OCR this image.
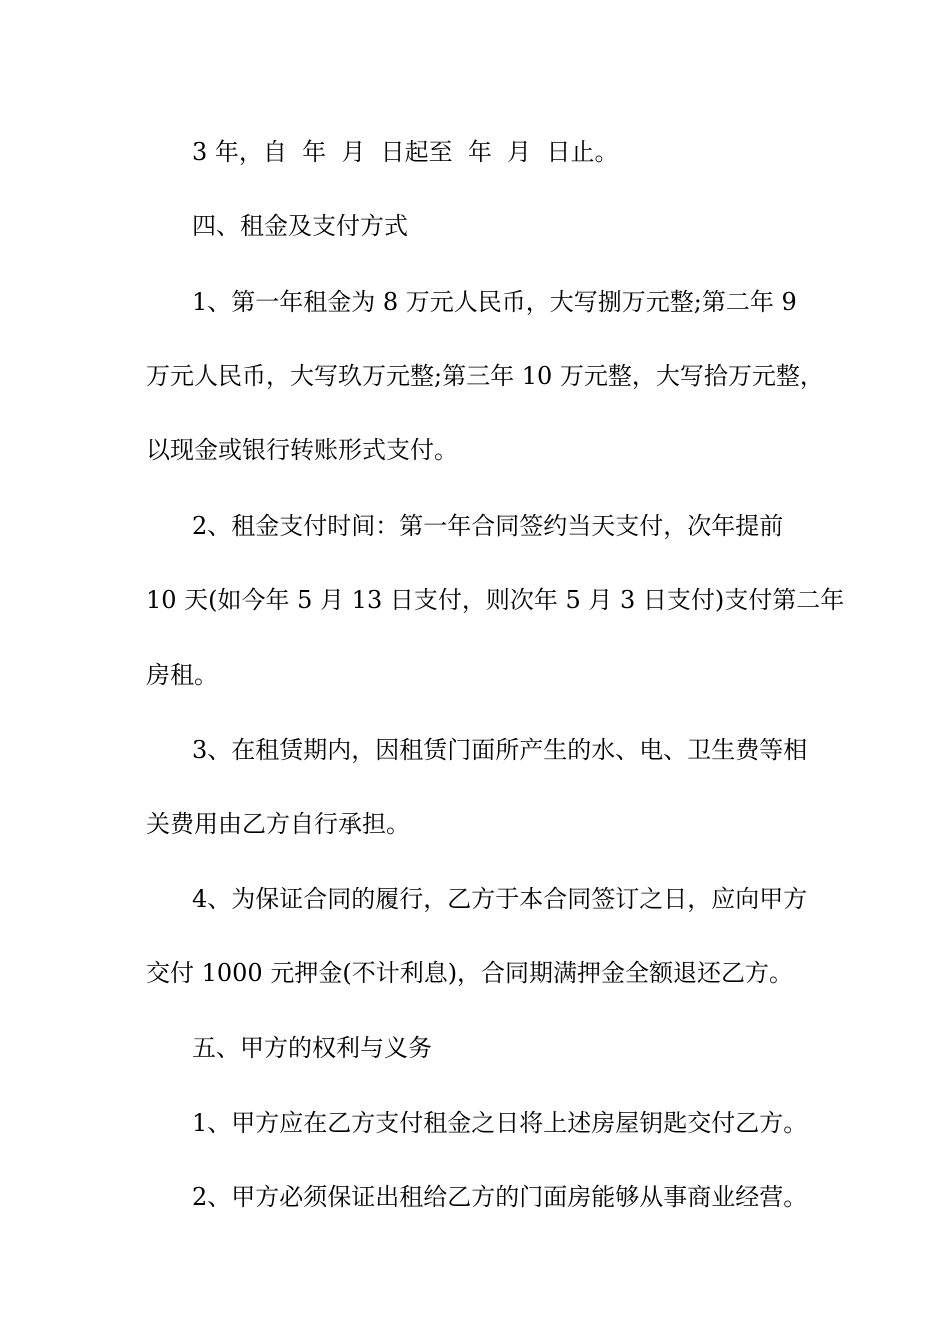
3 年，自  年  月  日起至  年  月  日止。
四、租金及支付方式
1、第一年租金为 8 万元人民币，大写捌万元整;第二年 9
万元人民币，大写玖万元整;第三年 10 万元整，大写拾万元整，
以现金或银行转账形式支付。
2、租金支付时间：第一年合同签约当天支付，次年提前
10 天(如今年 5 月 13 日支付，则次年 5 月 3 日支付)支付第二年
房租。
3、在租赁期内，因租赁门面所产生的水、电、卫生费等相
关费用由乙方自行承担。
4、为保证合同的履行，乙方于本合同签订之日，应向甲方
交付 1000 元押金(不计利息)，合同期满押金全额退还乙方。
五、甲方的权利与义务
1、甲方应在乙方支付租金之日将上述房屋钥匙交付乙方。
2、甲方必须保证出租给乙方的门面房能够从事商业经营。
